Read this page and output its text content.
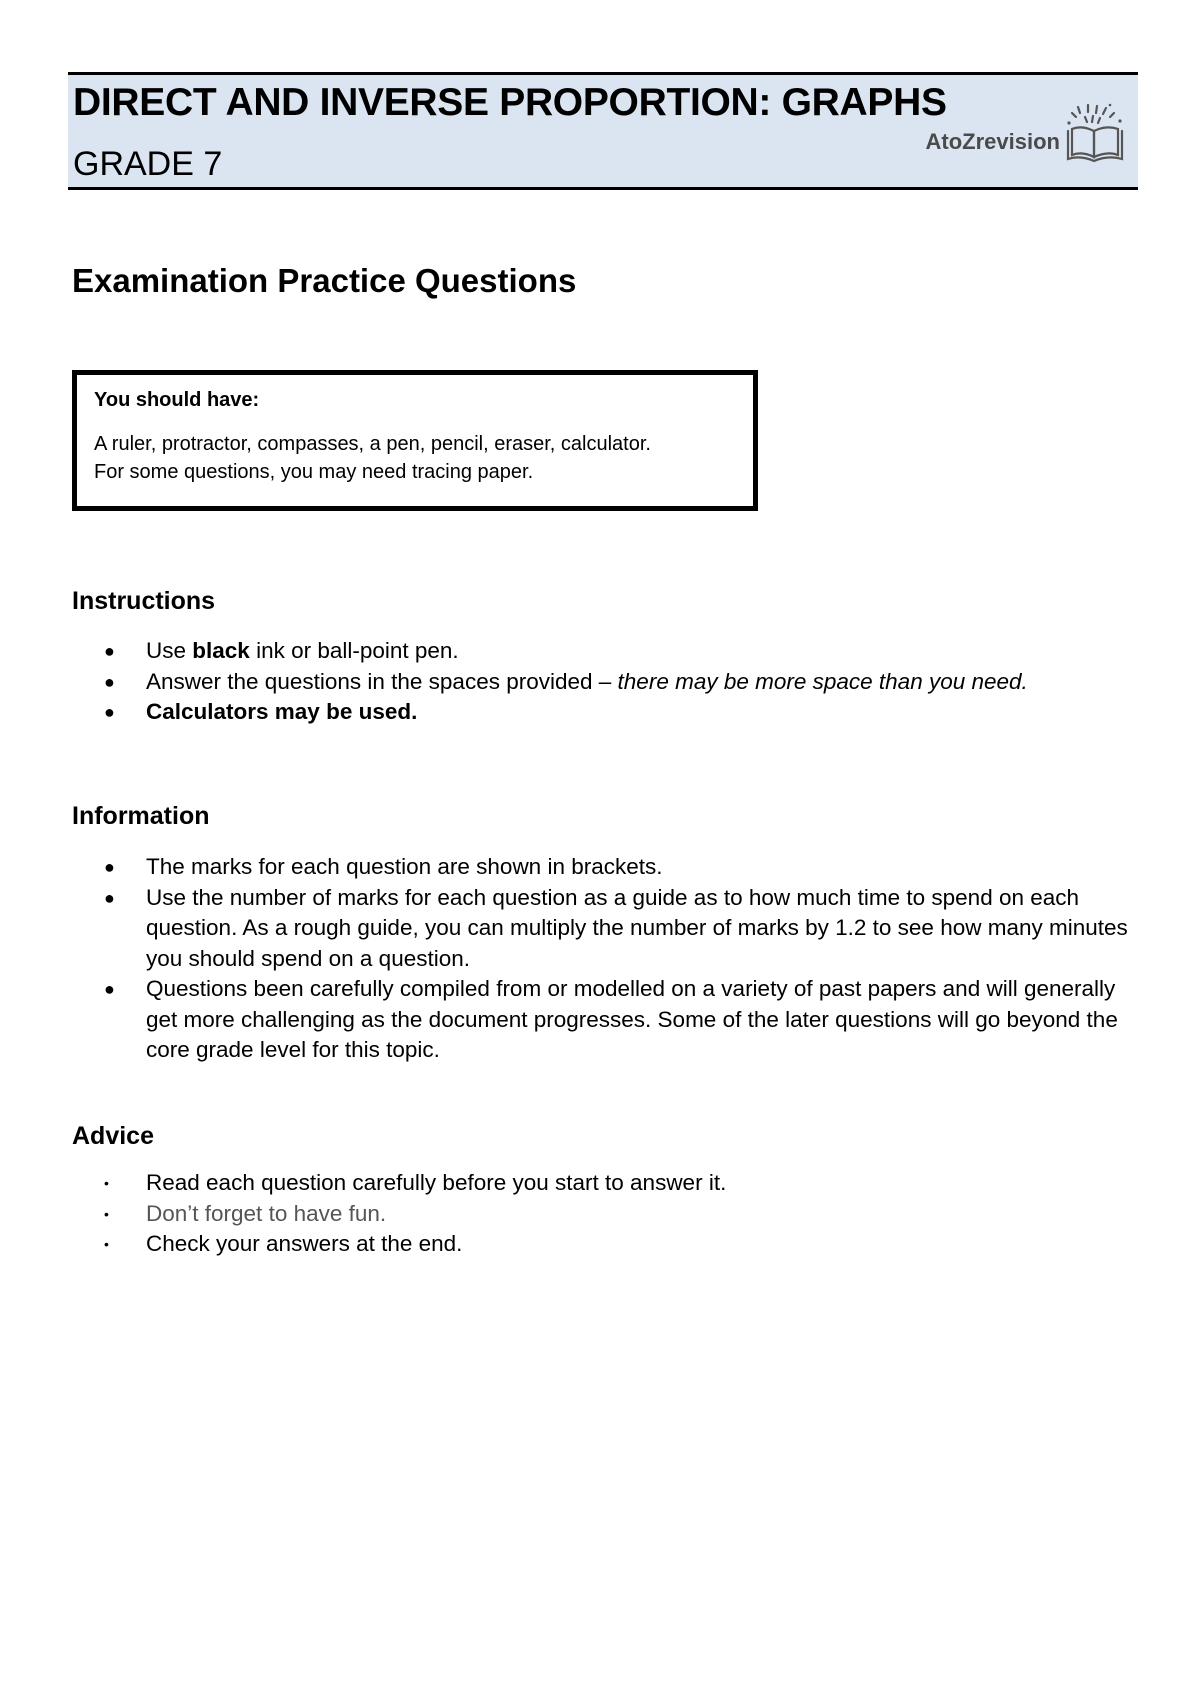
DIRECT AND INVERSE PROPORTION: GRAPHS
GRADE 7
AtoZrevision
Examination Practice Questions
You should have:
A ruler, protractor, compasses, a pen, pencil, eraser, calculator.
For some questions, you may need tracing paper.
Instructions
● Use black ink or ball-point pen.
● Answer the questions in the spaces provided – there may be more space than you need.
● Calculators may be used.
Information
● The marks for each question are shown in brackets.
● Use the number of marks for each question as a guide as to how much time to spend on each question. As a rough guide, you can multiply the number of marks by 1.2 to see how many minutes you should spend on a question.
● Questions been carefully compiled from or modelled on a variety of past papers and will generally get more challenging as the document progresses. Some of the later questions will go beyond the core grade level for this topic.
Advice
• Read each question carefully before you start to answer it.
• Don’t forget to have fun.
• Check your answers at the end.
